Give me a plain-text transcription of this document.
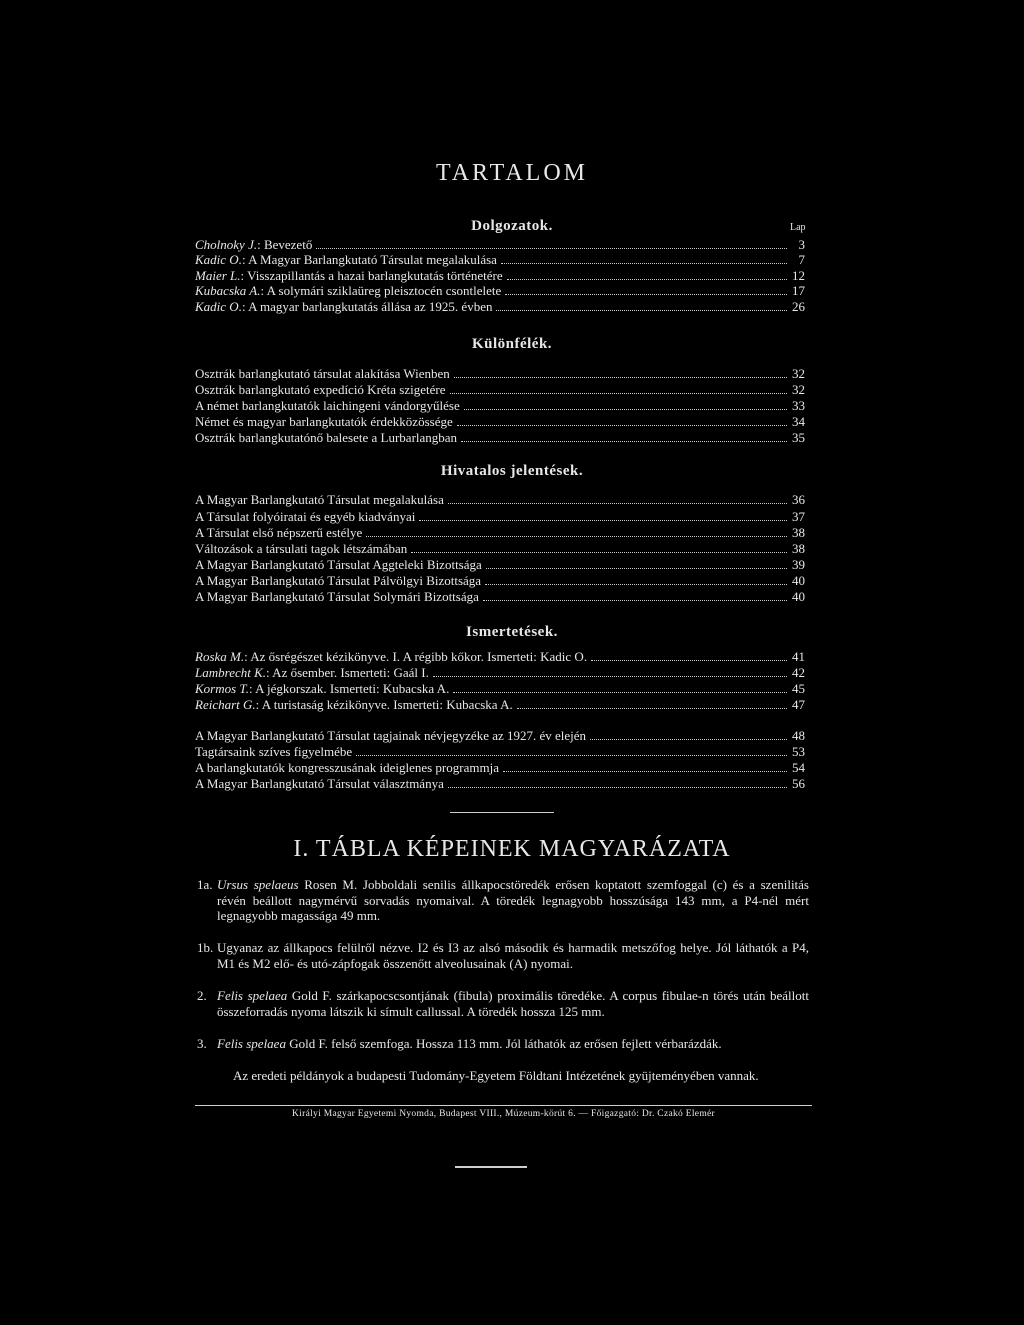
TARTALOM
Dolgozatok.	Lap
Cholnoky J. : Bevezető	3
Kadic O. : A Magyar Barlangkutató Társulat megalakulása	7
Maier L. : Visszapillantás a hazai barlangkutatás történetére	12
Kubacska A. : A solymári sziklaüreg pleisztocén csontlelete	17
Kadic O. : A magyar barlangkutatás állása az 1925. évben	26
Különfélék.
Osztrák barlangkutató társulat alakítása Wienben	32
Osztrák barlangkutató expedíció Kréta szigetére	32
A német barlangkutatók laichingeni vándorgyűlése	33
Német és magyar barlangkutatók érdekközössége	34
Osztrák barlangkutatónő balesete a Lurbarlangban	35
Hivatalos jelentések.
A Magyar Barlangkutató Társulat megalakulása	36
A Társulat folyóiratai és egyéb kiadványai	37
A Társulat első népszerű estélye	38
Változások a társulati tagok létszámában	38
A Magyar Barlangkutató Társulat Aggteleki Bizottsága	39
A Magyar Barlangkutató Társulat Pálvölgyi Bizottsága	40
A Magyar Barlangkutató Társulat Solymári Bizottsága	40
Ismertetések.
Roska M. : Az ősrégészet kézikönyve. I. A régibb kőkor. Ismerteti: Kadic O.	41
Lambrecht K. : Az ősember. Ismerteti: Gaál I.	42
Kormos T. : A jégkorszak. Ismerteti: Kubacska A.	45
Reichart G. : A turistaság kézikönyve. Ismerteti: Kubacska A.	47
A Magyar Barlangkutató Társulat tagjainak névjegyzéke az 1927. év elején	48
Tagtársaink szíves figyelmébe	53
A barlangkutatók kongresszusának ideiglenes programmja	54
A Magyar Barlangkutató Társulat választmánya	56
I. TÁBLA KÉPEINEK MAGYARÁZATA
1a. Ursus spelaeus Rosen M. Jobboldali senilis állkapocstöredék erősen koptatott szemfoggal (c) és a szenilitás révén beállott nagymérvű sorvadás nyomaival. A töredék legnagyobb hosszúsága 143 mm, a P4-nél mért legnagyobb magassága 49 mm.
1b. Ugyanaz az állkapocs felülről nézve. I2 és I3 az alsó második és harmadik metszőfog helye. Jól láthatók a P4, M1 és M2 elő- és utó-zápfogak összenőtt alveolusainak (A) nyomai.
2. Felis spelaea Gold F. szárkapocscsontjának (fibula) proximális töredéke. A corpus fibulae-n törés után beállott összeforradás nyoma látszik ki símult callussal. A töredék hossza 125 mm.
3. Felis spelaea Gold F. felső szemfoga. Hossza 113 mm. Jól láthatók az erősen fejlett vérbarázdák.
Az eredeti példányok a budapesti Tudomány-Egyetem Földtani Intézetének gyüjteményében vannak.
Királyi Magyar Egyetemi Nyomda, Budapest VIII., Múzeum-körút 6. — Főigazgató: Dr. Czakó Elemér
